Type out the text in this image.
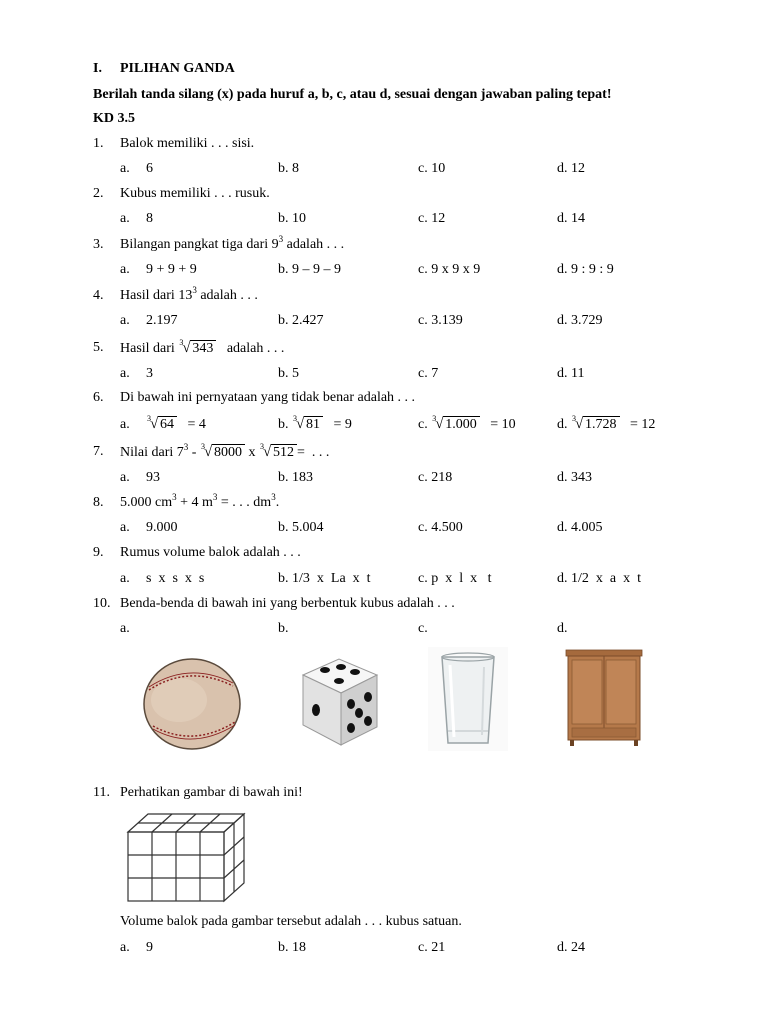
I. PILIHAN GANDA
Berilah tanda silang (x) pada huruf a, b, c, atau d, sesuai dengan jawaban paling tepat!
KD 3.5
1. Balok memiliki . . . sisi.
a. 6	b. 8	c. 10	d. 12
2. Kubus memiliki . . . rusuk.
a. 8	b. 10	c. 12	d. 14
3. Bilangan pangkat tiga dari $9^3$ adalah . . .
a. 9 + 9 + 9	b. 9 – 9 – 9	c. 9 x 9 x 9	d. 9 : 9 : 9
4. Hasil dari $13^3$ adalah . . .
a. 2.197	b. 2.427	c. 3.139	d. 3.729
5. Hasil dari 3 √ 343 adalah . . .
a. 3	b. 5	c. 7	d. 11
6. Di bawah ini pernyataan yang tidak benar adalah . . .
a. 3 √ 64 = 4	b. 3 √ 81 = 9	c. 3 √ 1.000 = 10	d. 3 √ 1.728 = 12
7. Nilai dari $7^3 - 3$ √ 8000 x 3 √ 512 =  . . .
a. 93	b. 183	c. 218	d. 343
8. 5.000 $cm^3 + 4$ $m^3$ = . . . $dm^3$.
a. 9.000	b. 5.004	c. 4.500	d. 4.005
9. Rumus volume balok adalah . . .
a. s  x  s  x  s	b. 1/3  x  La  x  t	c. p  x  l  x   t	d. 1/2  x  a  x  t
10. Benda-benda di bawah ini yang berbentuk kubus adalah . . .
a.	b.	c.	d.
11. Perhatikan gambar di bawah ini!
Volume balok pada gambar tersebut adalah . . . kubus satuan.
a. 9	b. 18	c. 21	d. 24
